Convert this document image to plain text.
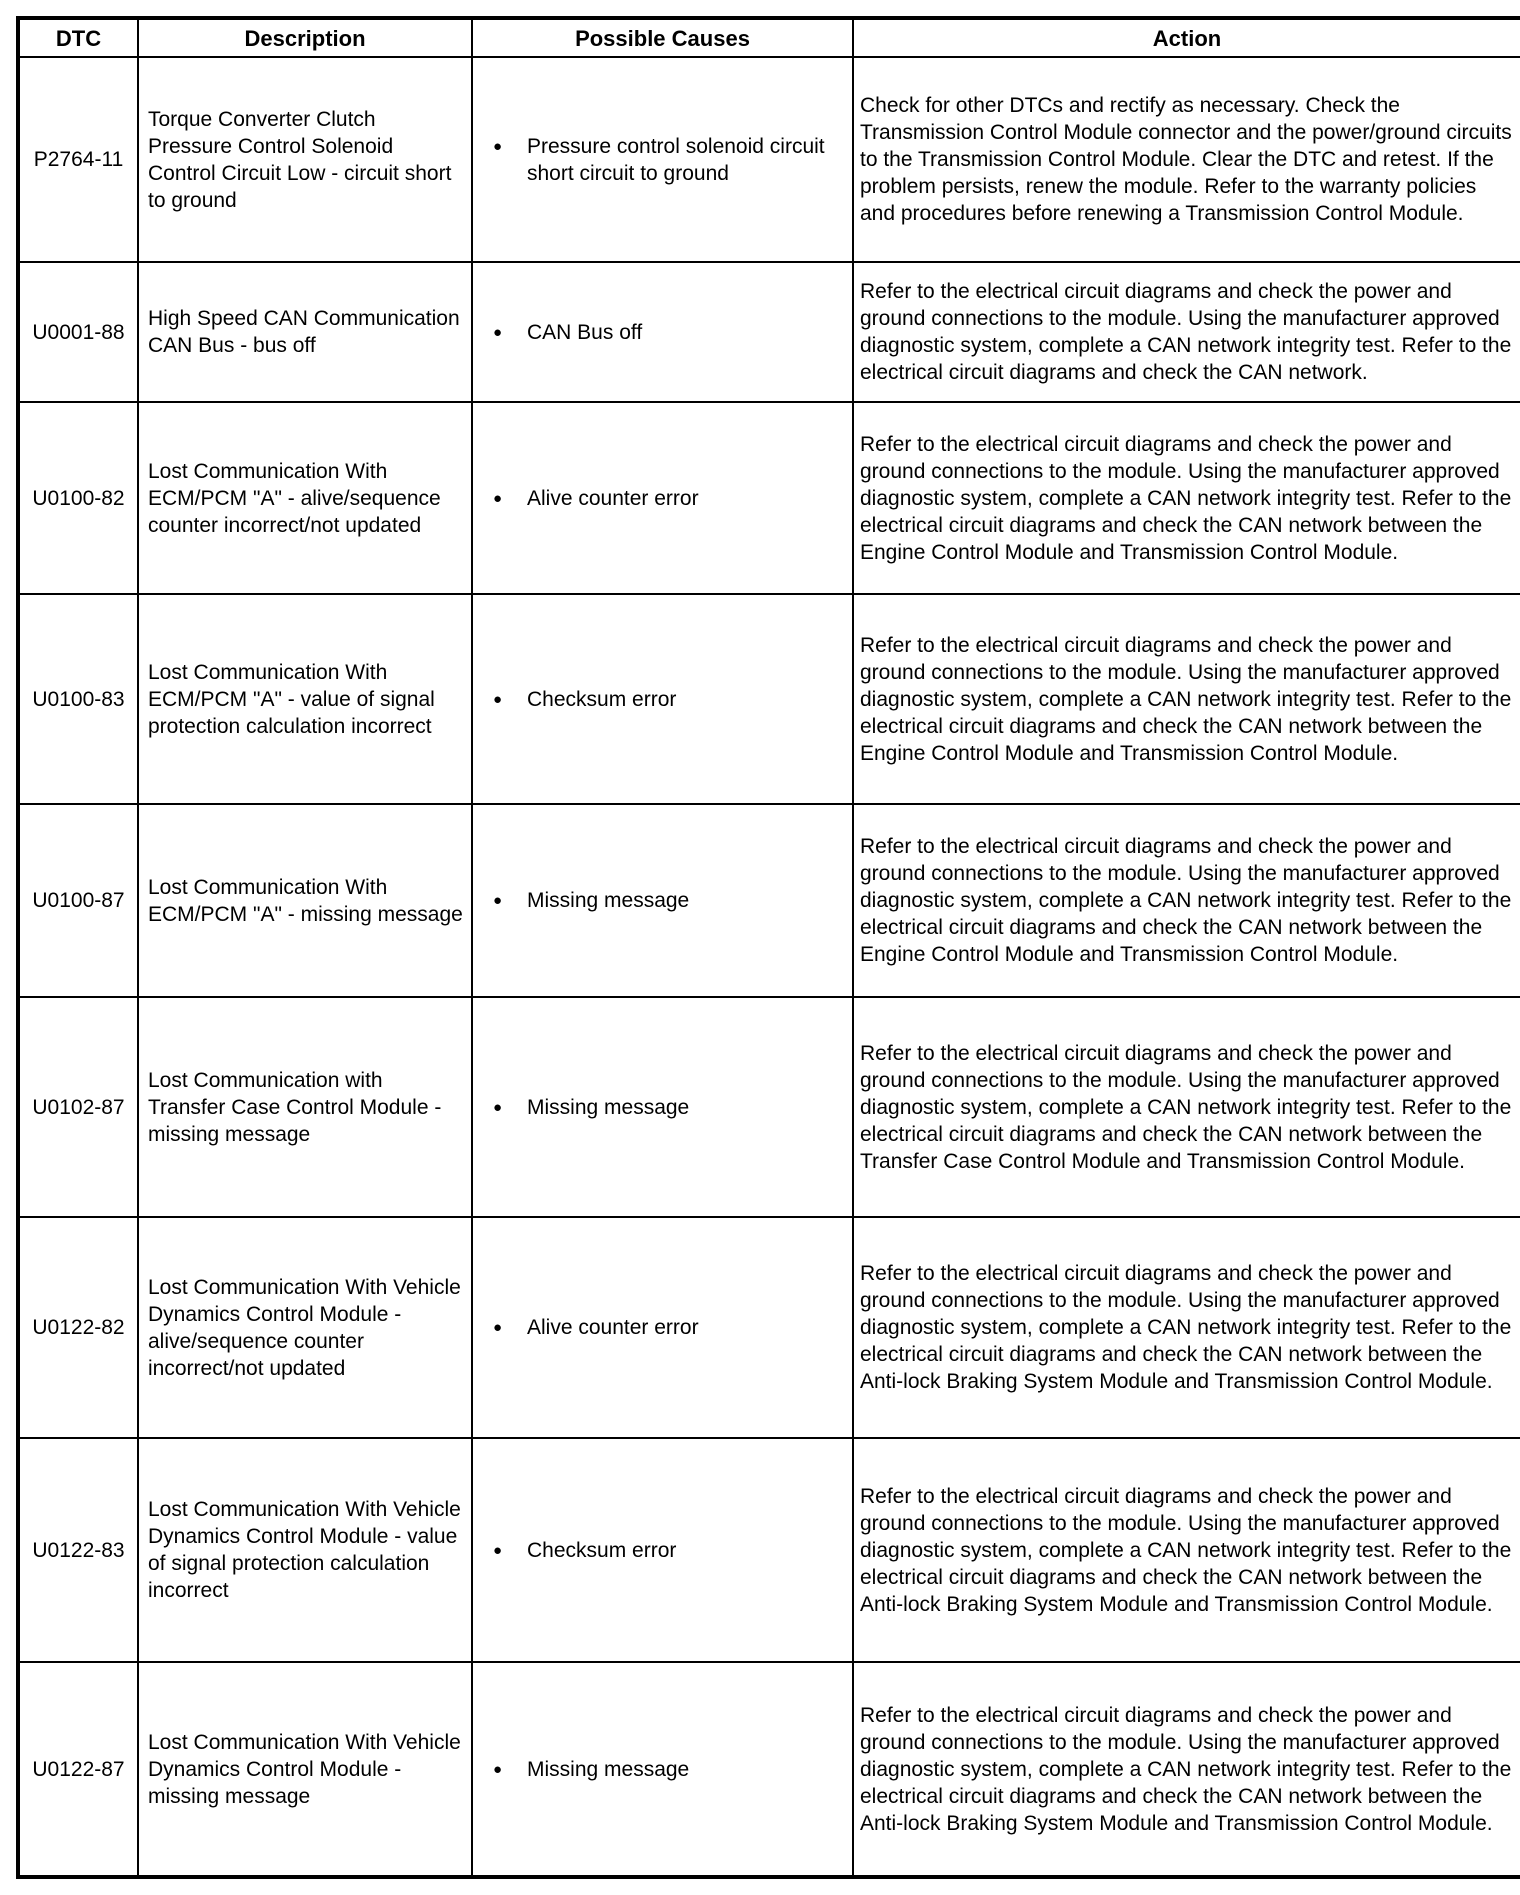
DTC	Description	Possible Causes	Action
P2764-11	Torque Converter Clutch Pressure Control Solenoid Control Circuit Low - circuit short to ground	● Pressure control solenoid circuit short circuit to ground	Check for other DTCs and rectify as necessary. Check the Transmission Control Module connector and the power/ground circuits to the Transmission Control Module. Clear the DTC and retest. If the problem persists, renew the module. Refer to the warranty policies and procedures before renewing a Transmission Control Module.
U0001-88	High Speed CAN Communication CAN Bus - bus off	● CAN Bus off	Refer to the electrical circuit diagrams and check the power and ground connections to the module. Using the manufacturer approved diagnostic system, complete a CAN network integrity test. Refer to the electrical circuit diagrams and check the CAN network.
U0100-82	Lost Communication With ECM/PCM "A" - alive/sequence counter incorrect/not updated	● Alive counter error	Refer to the electrical circuit diagrams and check the power and ground connections to the module. Using the manufacturer approved diagnostic system, complete a CAN network integrity test. Refer to the electrical circuit diagrams and check the CAN network between the Engine Control Module and Transmission Control Module.
U0100-83	Lost Communication With ECM/PCM "A" - value of signal protection calculation incorrect	● Checksum error	Refer to the electrical circuit diagrams and check the power and ground connections to the module. Using the manufacturer approved diagnostic system, complete a CAN network integrity test. Refer to the electrical circuit diagrams and check the CAN network between the Engine Control Module and Transmission Control Module.
U0100-87	Lost Communication With ECM/PCM "A" - missing message	● Missing message	Refer to the electrical circuit diagrams and check the power and ground connections to the module. Using the manufacturer approved diagnostic system, complete a CAN network integrity test. Refer to the electrical circuit diagrams and check the CAN network between the Engine Control Module and Transmission Control Module.
U0102-87	Lost Communication with Transfer Case Control Module - missing message	● Missing message	Refer to the electrical circuit diagrams and check the power and ground connections to the module. Using the manufacturer approved diagnostic system, complete a CAN network integrity test. Refer to the electrical circuit diagrams and check the CAN network between the Transfer Case Control Module and Transmission Control Module.
U0122-82	Lost Communication With Vehicle Dynamics Control Module - alive/sequence counter incorrect/not updated	● Alive counter error	Refer to the electrical circuit diagrams and check the power and ground connections to the module. Using the manufacturer approved diagnostic system, complete a CAN network integrity test. Refer to the electrical circuit diagrams and check the CAN network between the Anti-lock Braking System Module and Transmission Control Module.
U0122-83	Lost Communication With Vehicle Dynamics Control Module - value of signal protection calculation incorrect	● Checksum error	Refer to the electrical circuit diagrams and check the power and ground connections to the module. Using the manufacturer approved diagnostic system, complete a CAN network integrity test. Refer to the electrical circuit diagrams and check the CAN network between the Anti-lock Braking System Module and Transmission Control Module.
U0122-87	Lost Communication With Vehicle Dynamics Control Module - missing message	● Missing message	Refer to the electrical circuit diagrams and check the power and ground connections to the module. Using the manufacturer approved diagnostic system, complete a CAN network integrity test. Refer to the electrical circuit diagrams and check the CAN network between the Anti-lock Braking System Module and Transmission Control Module.
